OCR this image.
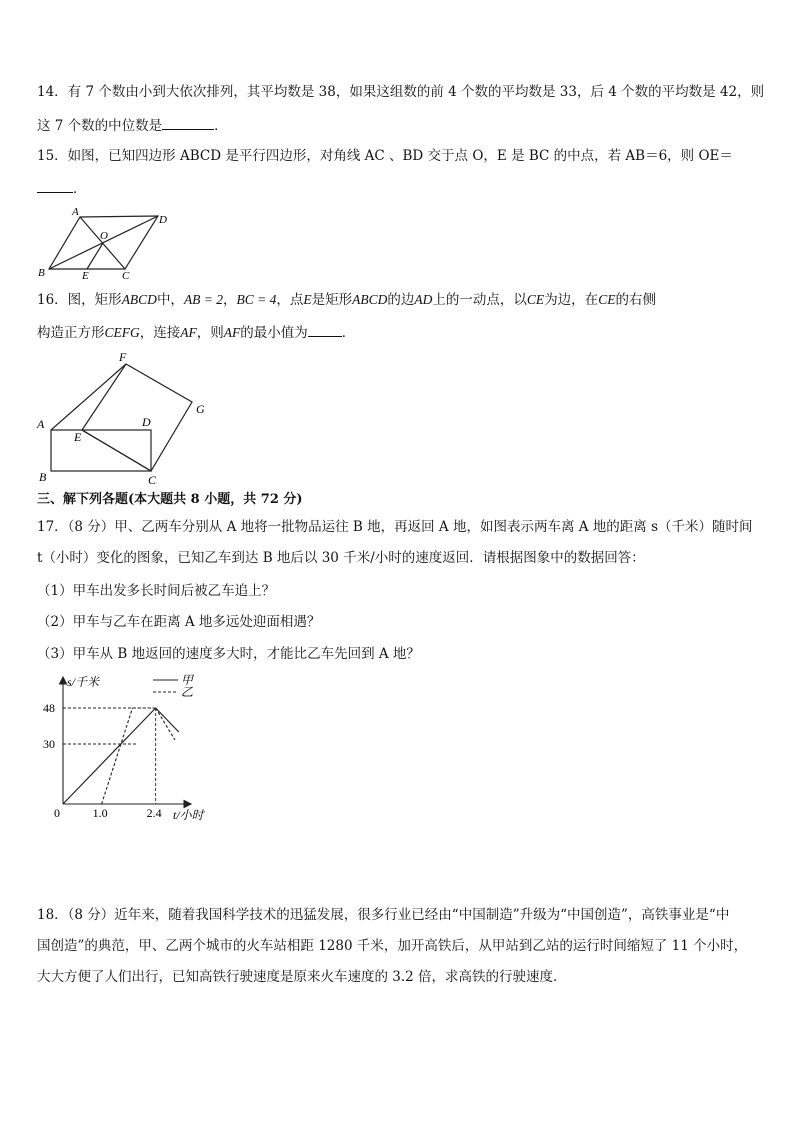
14．有 7 个数由小到大依次排列，其平均数是 38，如果这组数的前 4 个数的平均数是 33，后 4 个数的平均数是 42，则
这 7 个数的中位数是	．
15．如图，已知四边形 ABCD 是平行四边形，对角线 AC 、BD 交于点 O，E 是 BC 的中点，若 AB＝6，则 OE＝
．
A
D
O
B	E	C
16．图，矩形ABCD中，AB = 2，BC = 4，点E是矩形ABCD的边AD上的一动点，以CE为边，在CE的右侧
构造正方形CEFG，连接AF，则AF的最小值为	．
F
G
A	D
E
B	C
三、解下列各题(本大题共 8 小题，共 72 分)
17．（8 分）甲、乙两车分别从 A 地将一批物品运往 B 地，再返回 A 地，如图表示两车离 A 地的距离 s（千米）随时间
t（小时）变化的图象，已知乙车到达 B 地后以 30 千米/小时的速度返回．请根据图象中的数据回答：
（1）甲车出发多长时间后被乙车追上？
（2）甲车与乙车在距离 A 地多远处迎面相遇？
（3）甲车从 B 地返回的速度多大时，才能比乙车先回到 A 地？
s/千米
t/小时
0	1.0	2.4
48
30
甲
乙
18．（8 分）近年来，随着我国科学技术的迅猛发展，很多行业已经由“中国制造”升级为“中国创造”，高铁事业是“中
国创造”的典范，甲、乙两个城市的火车站相距 1280 千米，加开高铁后，从甲站到乙站的运行时间缩短了 11 个小时，
大大方便了人们出行，已知高铁行驶速度是原来火车速度的 3.2 倍，求高铁的行驶速度．
